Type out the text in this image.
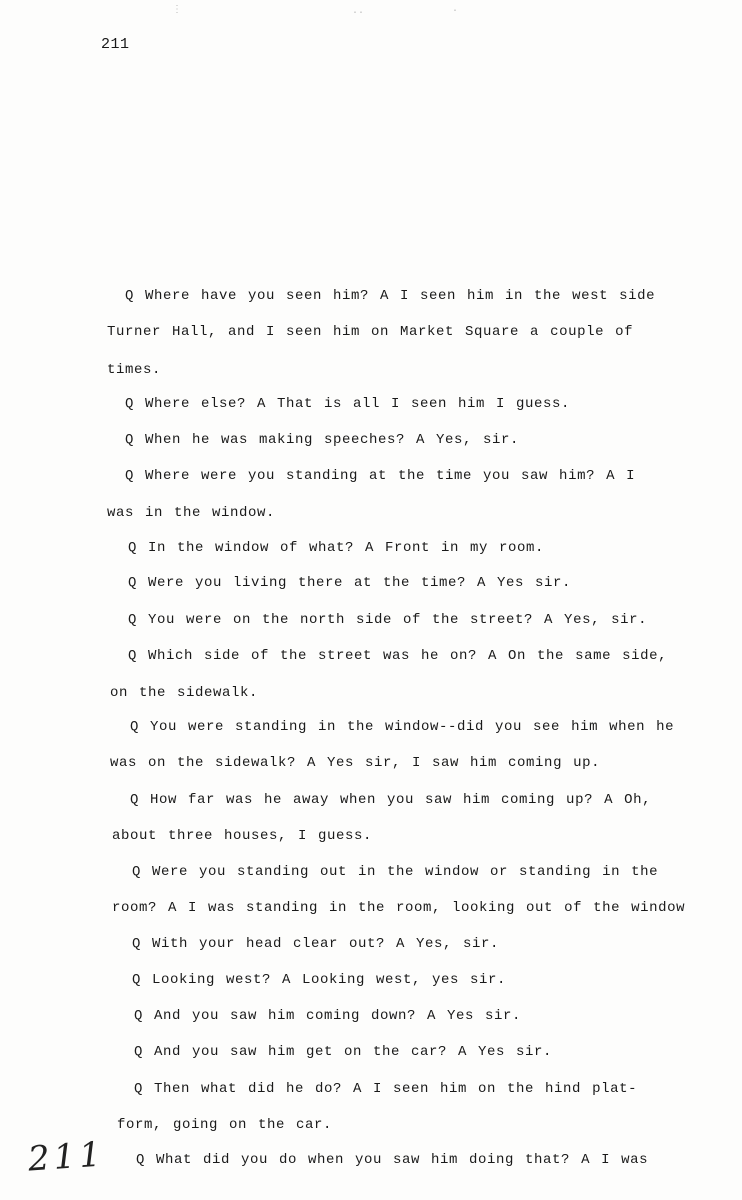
⋮	··	·
211
Q Where have you seen him? A I seen him in the west side
Turner Hall, and I seen him on Market Square a couple of
times.
Q Where else? A That is all I seen him I guess.
Q When he was making speeches? A Yes, sir.
Q Where were you standing at the time you saw him? A I
was in the window.
Q In the window of what? A Front in my room.
Q Were you living there at the time? A Yes sir.
Q You were on the north side of the street? A Yes, sir.
Q Which side of the street was he on? A On the same side,
on the sidewalk.
Q You were standing in the window--did you see him when he
was on the sidewalk? A Yes sir, I saw him coming up.
Q How far was he away when you saw him coming up? A Oh,
about three houses, I guess.
Q Were you standing out in the window or standing in the
room? A I was standing in the room, looking out of the window
Q With your head clear out? A Yes, sir.
Q Looking west? A Looking west, yes sir.
Q And you saw him coming down? A Yes sir.
Q And you saw him get on the car? A Yes sir.
Q Then what did he do? A I seen him on the hind plat-
form, going on the car.
Q What did you do when you saw him doing that? A I was
211
